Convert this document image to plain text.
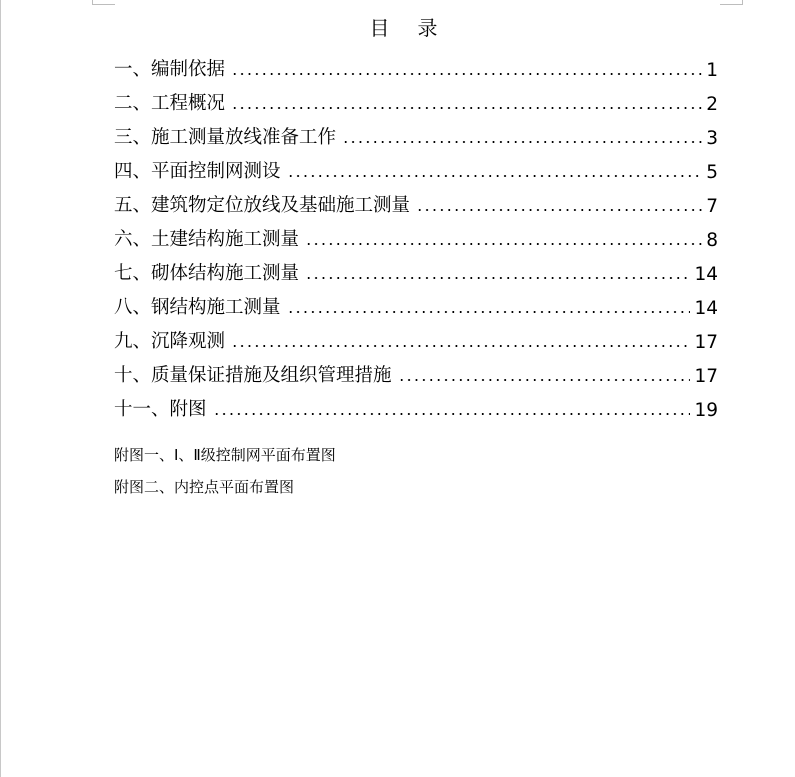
目录
一、编制依据	1
二、工程概况	2
三、施工测量放线准备工作	3
四、平面控制网测设	5
五、建筑物定位放线及基础施工测量	7
六、土建结构施工测量	8
七、砌体结构施工测量	14
八、钢结构施工测量	14
九、沉降观测	17
十、质量保证措施及组织管理措施	17
十一、附图	19
附图一、Ⅰ、Ⅱ级控制网平面布置图
附图二、内控点平面布置图
